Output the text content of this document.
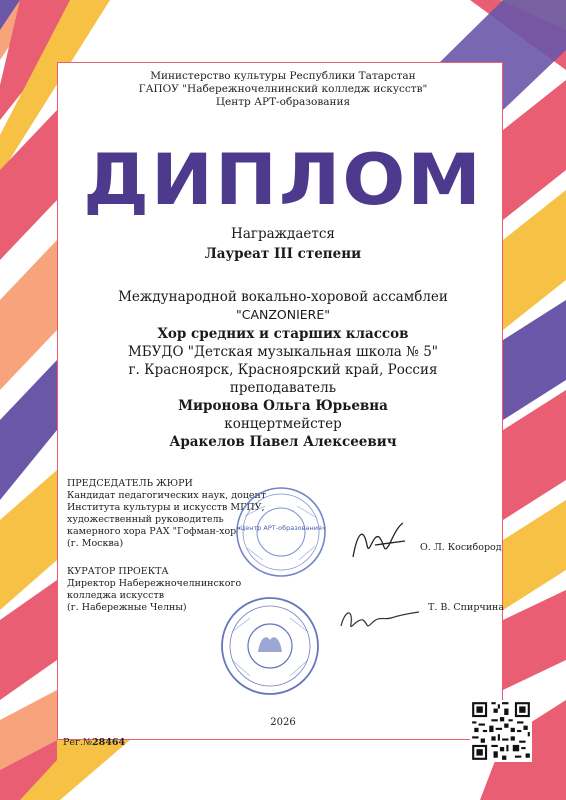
Министерство культуры Республики Татарстан
ГАПОУ "Набережночелнинский колледж искусств"
Центр АРТ-образования
ДИПЛОМ
Награждается
Лауреат III степени
Международной вокально-хоровой ассамблеи
"CANZONIERE"
Хор средних и старших классов
МБУДО "Детская музыкальная школа № 5"
г. Красноярск, Красноярский край, Россия
преподаватель
Миронова Ольга Юрьевна
концертмейстер
Аракелов Павел Алексеевич
ПРЕДСЕДАТЕЛЬ ЖЮРИ
Кандидат педагогических наук, доцент
Института культуры и искусств МГПУ,
художественный руководитель
камерного хора РАХ "Гофман-хор"
(г. Москва)	О. Л. Косибород
«Центр АРТ-образования»
КУРАТОР ПРОЕКТА
Директор Набережночелнинского
колледжа искусств
(г. Набережные Челны)	Т. В. Спирчина
2026
Рег.№28464
